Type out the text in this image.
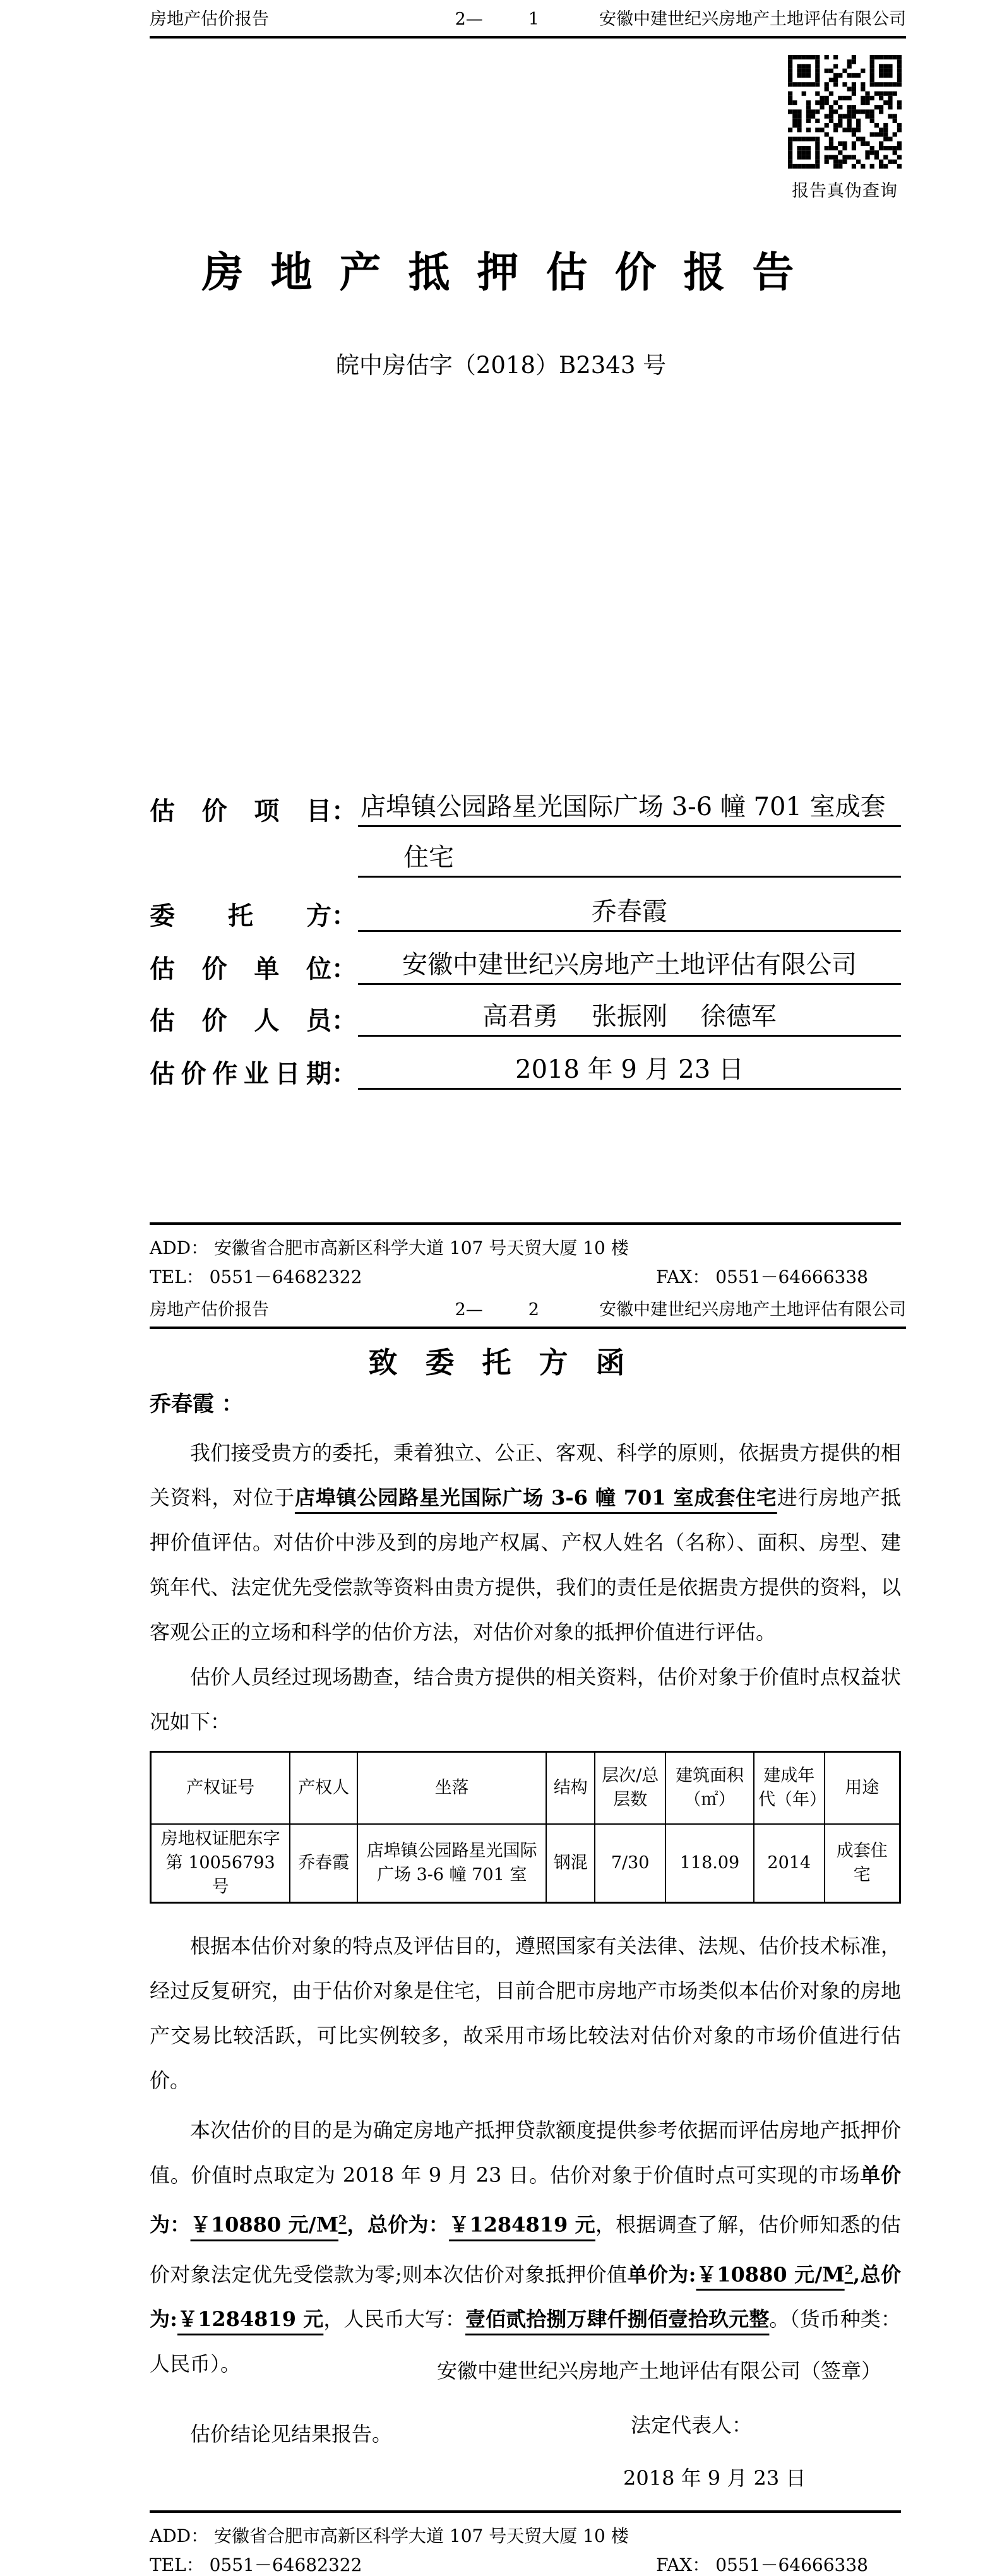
房地产估价报告	2—	1	安徽中建世纪兴房地产土地评估有限公司
报告真伪查询
房 地 产 抵 押 估 价 报 告
皖中房估字（2018）B2343 号
估 价 项 目 ： 店埠镇公园路星光国际广场 3-6 幢 701 室成套
住宅
委 托 方 ：	乔春霞
估 价 单 位 ：	安徽中建世纪兴房地产土地评估有限公司
估 价 人 员 ：	高君勇　 张振刚　 徐德军
估 价 作 业 日 期 ：	2018 年 9 月 23 日
ADD： 安徽省合肥市高新区科学大道 107 号天贸大厦 10 楼
TEL： 0551－64682322	FAX： 0551－64666338
房地产估价报告	2—	2	安徽中建世纪兴房地产土地评估有限公司
致 委 托 方 函
乔春霞 ：

我们接受贵方的委托，秉着独立、公正、客观、科学的原则，依据贵方提供的相关资料，对位于店埠镇公园路星光国际广场 3-6 幢 701 室成套住宅进行房地产抵押价值评估。对估价中涉及到的房地产权属、产权人姓名（名称）、面积、房型、建筑年代、法定优先受偿款等资料由贵方提供，我们的责任是依据贵方提供的资料，以客观公正的立场和科学的估价方法，对估价对象的抵押价值进行评估。

估价人员经过现场勘查，结合贵方提供的相关资料，估价对象于价值时点权益状况如下：

产权证号	产权人	坐落	结构	层次/总层数	建筑面积（㎡）	建成年代（年）	用途
房地权证肥东字第 10056793 号	乔春霞	店埠镇公园路星光国际广场 3-6 幢 701 室	钢混	7/30	118.09	2014	成套住宅

根据本估价对象的特点及评估目的，遵照国家有关法律、法规、估价技术标准，经过反复研究，由于估价对象是住宅，目前合肥市房地产市场类似本估价对象的房地产交易比较活跃，可比实例较多，故采用市场比较法对估价对象的市场价值进行估价。

本次估价的目的是为确定房地产抵押贷款额度提供参考依据而评估房地产抵押价值。价值时点取定为 2018 年 9 月 23 日。估价对象于价值时点可实现的市场单价为：￥10880 元$/M^2$，总价为：￥1284819 元，根据调查了解，估价师知悉的估价对象法定优先受偿款为零;则本次估价对象抵押价值单价为:￥10880 元$/M^2$,总价为:￥1284819 元，人民币大写：壹佰贰拾捌万肆仟捌佰壹拾玖元整。（货币种类：人民币）。

估价结论见结果报告。

安徽中建世纪兴房地产土地评估有限公司（签章）
法定代表人：
2018 年 9 月 23 日
ADD： 安徽省合肥市高新区科学大道 107 号天贸大厦 10 楼
TEL： 0551－64682322	FAX： 0551－64666338
